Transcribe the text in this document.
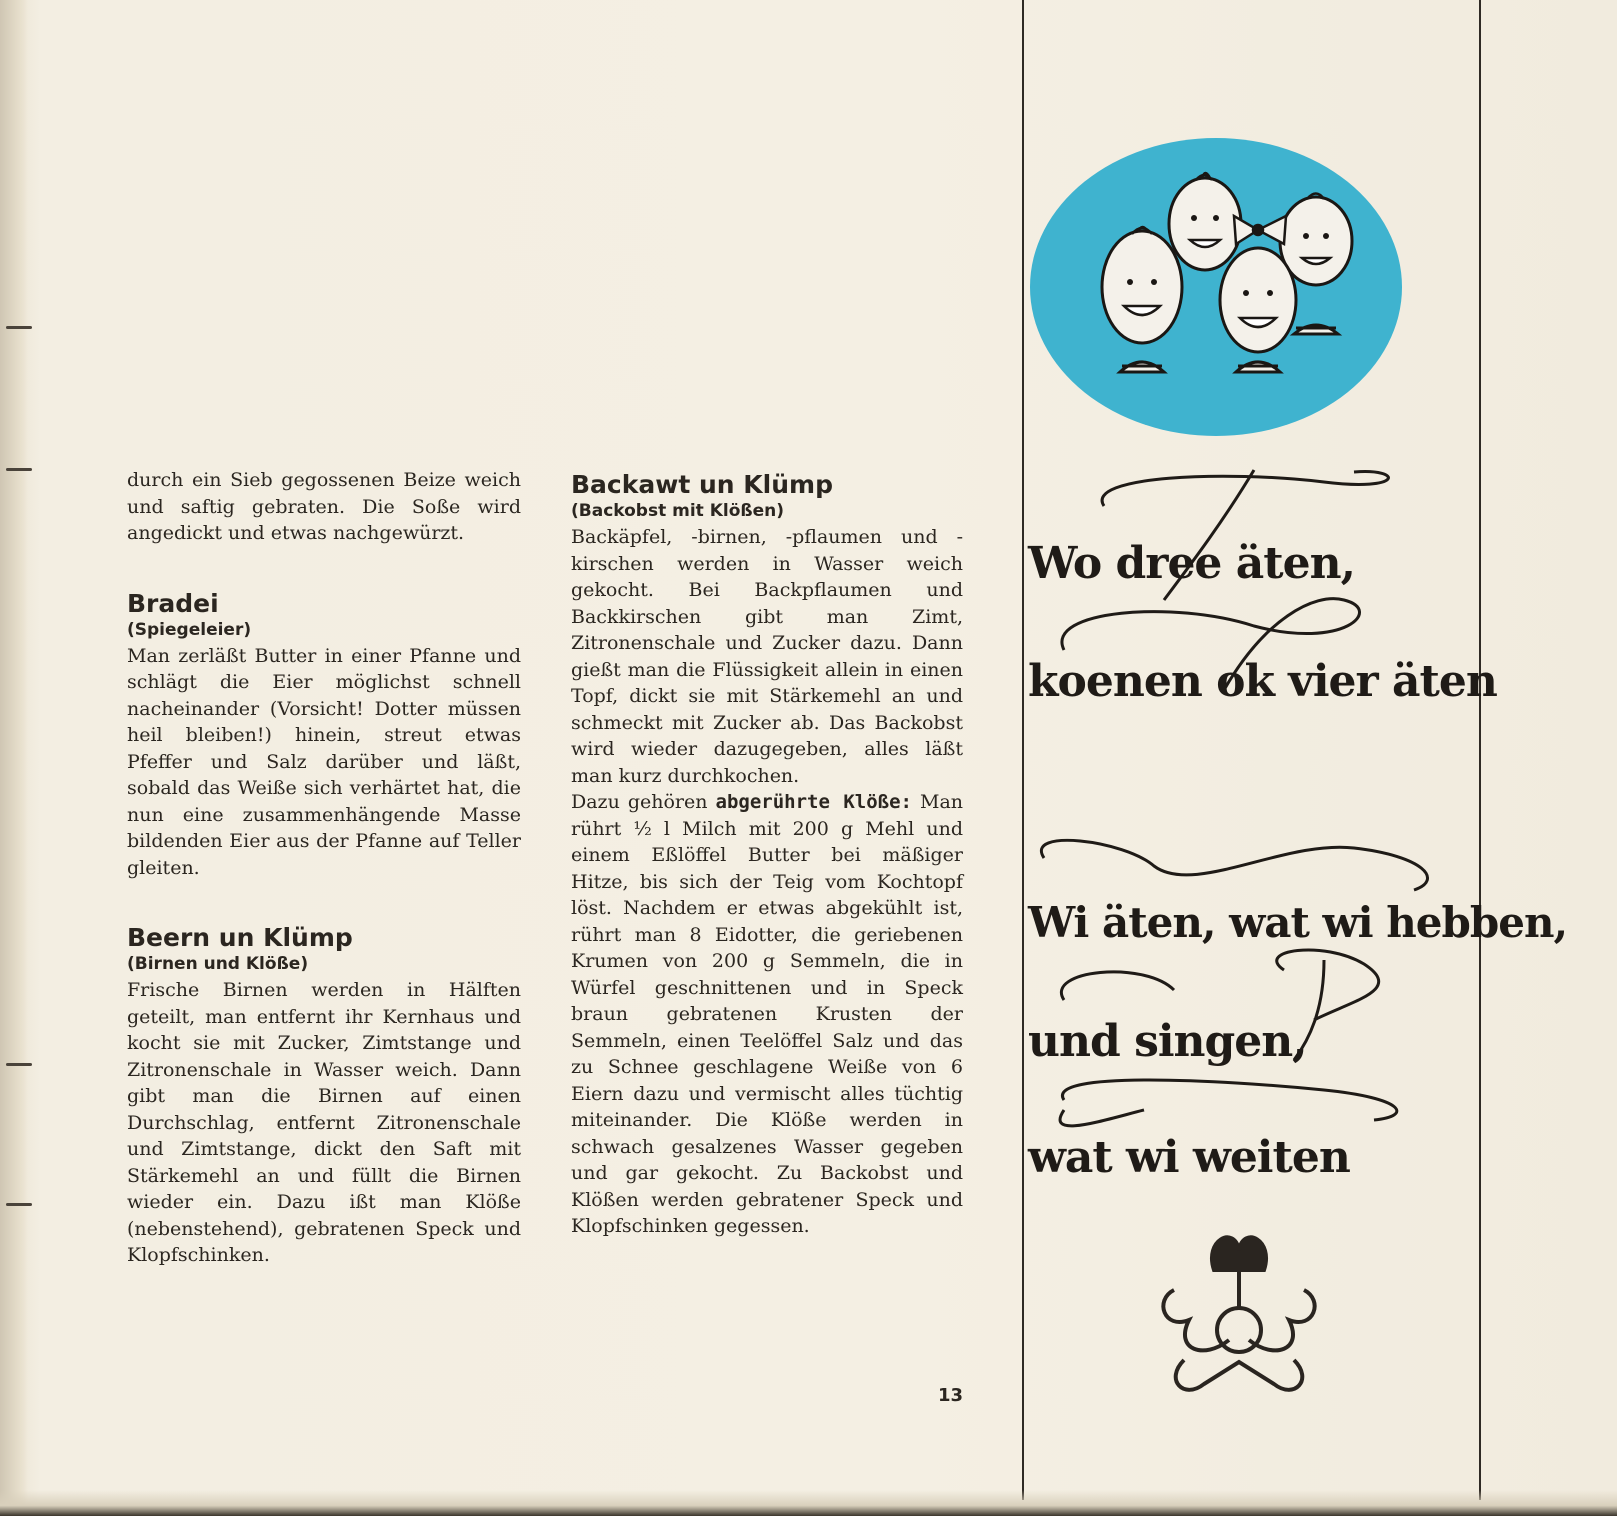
durch ein Sieb gegossenen Beize weich und saftig gebraten. Die Soße wird angedickt und etwas nachgewürzt.

Bradei
(Spiegeleier)

Man zerläßt Butter in einer Pfanne und schlägt die Eier möglichst schnell nacheinander (Vorsicht! Dotter müssen heil bleiben!) hinein, streut etwas Pfeffer und Salz darüber und läßt, sobald das Weiße sich verhärtet hat, die nun eine zusammenhängende Masse bildenden Eier aus der Pfanne auf Teller gleiten.

Beern un Klümp
(Birnen und Klöße)

Frische Birnen werden in Hälften geteilt, man entfernt ihr Kernhaus und kocht sie mit Zucker, Zimtstange und Zitronenschale in Wasser weich. Dann gibt man die Birnen auf einen Durchschlag, entfernt Zitronenschale und Zimtstange, dickt den Saft mit Stärkemehl an und füllt die Birnen wieder ein. Dazu ißt man Klöße (nebenstehend), gebratenen Speck und Klopfschinken.

Backawt un Klümp
(Backobst mit Klößen)

Backäpfel, -birnen, -pflaumen und -kirschen werden in Wasser weich gekocht. Bei Backpflaumen und Backkirschen gibt man Zimt, Zitronenschale und Zucker dazu. Dann gießt man die Flüssigkeit allein in einen Topf, dickt sie mit Stärkemehl an und schmeckt mit Zucker ab. Das Backobst wird wieder dazugegeben, alles läßt man kurz durchkochen.

Dazu gehören abgerührte Klöße: Man rührt ½ l Milch mit 200 g Mehl und einem Eßlöffel Butter bei mäßiger Hitze, bis sich der Teig vom Kochtopf löst. Nachdem er etwas abgekühlt ist, rührt man 8 Eidotter, die geriebenen Krumen von 200 g Semmeln, die in Würfel geschnittenen und in Speck braun gebratenen Krusten der Semmeln, einen Teelöffel Salz und das zu Schnee geschlagene Weiße von 6 Eiern dazu und vermischt alles tüchtig miteinander. Die Klöße werden in schwach gesalzenes Wasser gegeben und gar gekocht. Zu Backobst und Klößen werden gebratener Speck und Klopfschinken gegessen.

13
Wo dree äten,
koenen ok vier äten
Wi äten, wat wi hebben,
und singen,
wat wi weiten
